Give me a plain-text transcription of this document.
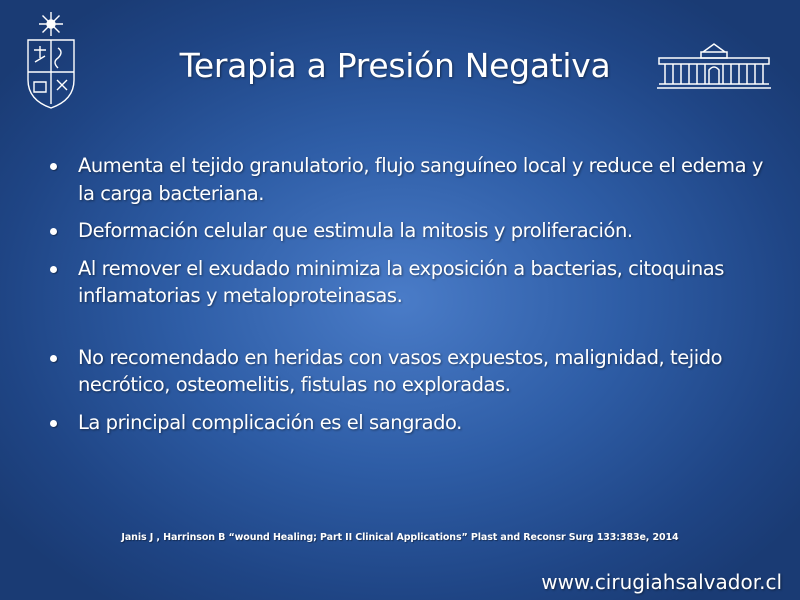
Terapia a Presión Negativa
Aumenta el tejido granulatorio, flujo sanguíneo local y reduce el edema y la carga bacteriana.
Deformación celular que estimula la mitosis y proliferación.
Al remover el exudado minimiza la exposición a bacterias, citoquinas inflamatorias y metaloproteinasas.
No recomendado en heridas con vasos expuestos, malignidad, tejido necrótico, osteomelitis, fistulas no exploradas.
La principal complicación es el sangrado.
Janis J , Harrinson B “wound Healing; Part II Clinical Applications” Plast and Reconsr Surg 133:383e, 2014
www.cirugiahsalvador.cl
